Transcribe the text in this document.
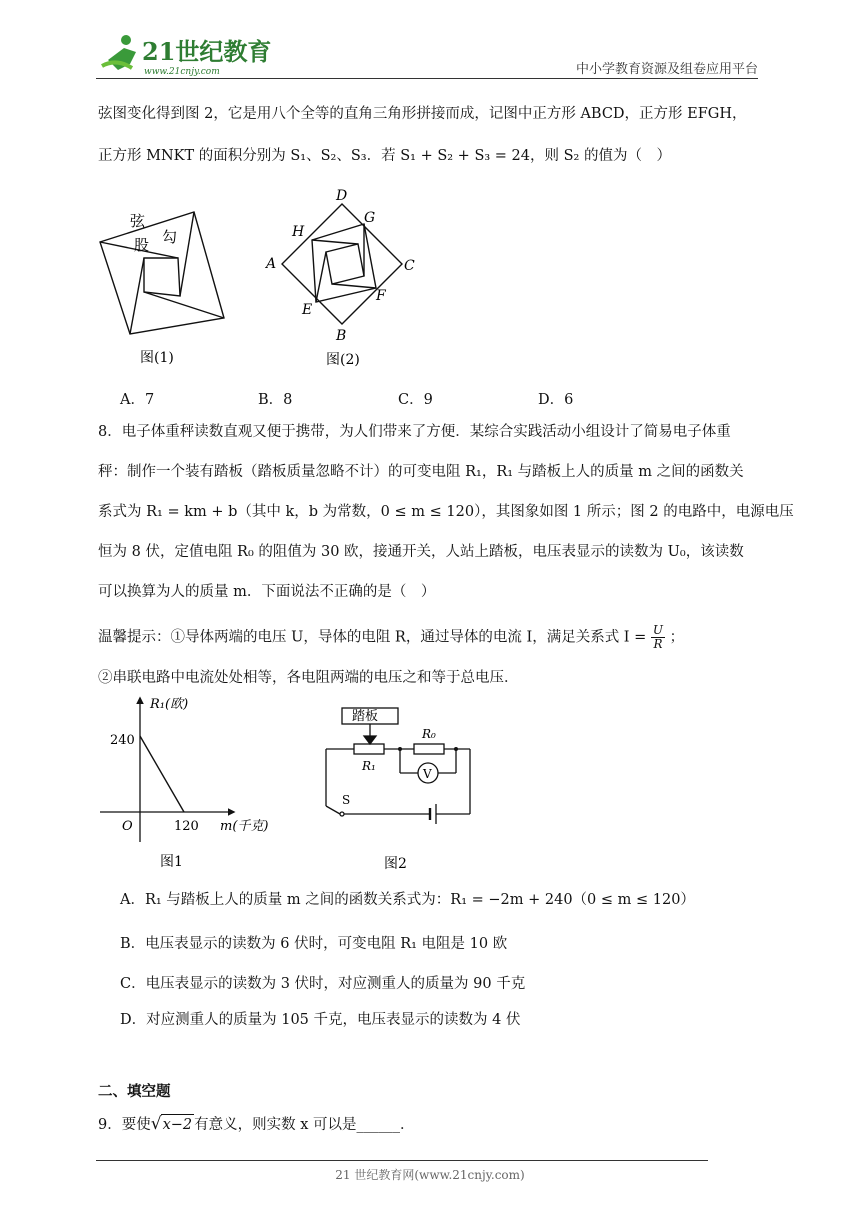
21世纪教育
www.21cnjy.com	中小学教育资源及组卷应用平台
弦图变化得到图 2，它是用八个全等的直角三角形拼接而成，记图中正方形 ABCD，正方形 EFGH，
正方形 MNKT 的面积分别为 S₁、S₂、S₃．若 S₁ + S₂ + S₃ = 24，则 S₂ 的值为（　）
弦
股 勾
图(1)
D
G
H
A	C
E
F
B
图(2)
A．7	B．8	C．9	D．6
8．电子体重秤读数直观又便于携带，为人们带来了方便．某综合实践活动小组设计了简易电子体重
秤：制作一个装有踏板（踏板质量忽略不计）的可变电阻 R₁，R₁ 与踏板上人的质量 m 之间的函数关
系式为 R₁ = km + b（其中 k，b 为常数，0 ≤ m ≤ 120），其图象如图 1 所示；图 2 的电路中，电源电压
恒为 8 伏，定值电阻 R₀ 的阻值为 30 欧，接通开关，人站上踏板，电压表显示的读数为 U₀，该读数
可以换算为人的质量 m．下面说法不正确的是（　）
温馨提示：①导体两端的电压 U，导体的电阻 R，通过导体的电流 I，满足关系式 $I = \frac{U}{R}$ ；
②串联电路中电流处处相等，各电阻两端的电压之和等于总电压．
R₁(欧)
240
O	120 m(千克)
图1
踏板
R₀
R₁
V
S
图2
A．R₁ 与踏板上人的质量 m 之间的函数关系式为：R₁ = −2m + 240（0 ≤ m ≤ 120）
B．电压表显示的读数为 6 伏时，可变电阻 R₁ 电阻是 10 欧
C．电压表显示的读数为 3 伏时，对应测重人的质量为 90 千克
D．对应测重人的质量为 105 千克，电压表显示的读数为 4 伏
二、填空题
9．要使√x−2 有意义，则实数 x 可以是______．
21 世纪教育网(www.21cnjy.com)
